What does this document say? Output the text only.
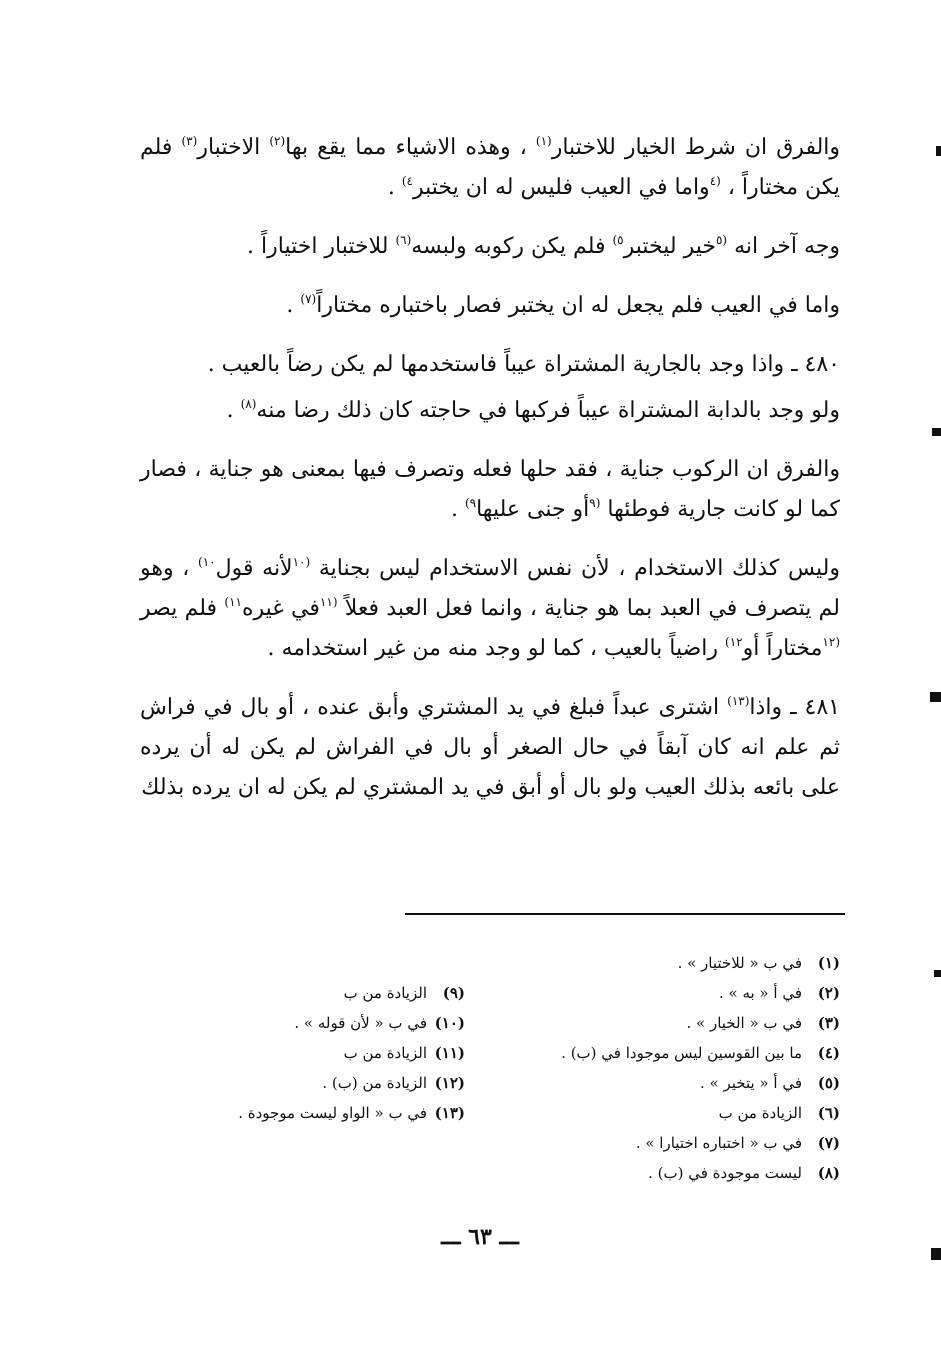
والفرق ان شرط الخيار للاختبار$^{(١)}$ ، وهذه الاشياء مما يقع بها$^{(٢)}$ الاختبار$^{(٣)}$ فلم يكن مختاراً ، $^{(٤}$واما في العيب فليس له ان يختبر$^{٤)}$ .

وجه آخر انه $^{(٥}$خير ليختبر$^{٥)}$ فلم يكن ركوبه ولبسه$^{(٦)}$ للاختبار اختياراً .

واما في العيب فلم يجعل له ان يختبر فصار باختباره مختاراً$^{(٧)}$ .

٤٨٠ ـ واذا وجد بالجارية المشتراة عيباً فاستخدمها لم يكن رضاً بالعيب .

ولو وجد بالدابة المشتراة عيباً فركبها في حاجته كان ذلك رضا منه$^{(٨)}$ .

والفرق ان الركوب جناية ، فقد حلها فعله وتصرف فيها بمعنى هو جناية ، فصار كما لو كانت جارية فوطئها $^{(٩}$أو جنى عليها$^{٩)}$ .

وليس كذلك الاستخدام ، لأن نفس الاستخدام ليس بجناية $^{(١٠}$لأنه قول$^{١٠)}$ ، وهو لم يتصرف في العبد بما هو جناية ، وانما فعل العبد فعلاً $^{(١١}$في غيره$^{١١)}$ فلم يصر $^{(١٢}$مختاراً أو$^{١٢)}$ راضياً بالعيب ، كما لو وجد منه من غير استخدامه .

٤٨١ ـ واذا$^{(١٣)}$ اشترى عبداً فبلغ في يد المشتري وأبق عنده ، أو بال في فراش ثم علم انه كان آبقاً في حال الصغر أو بال في الفراش لم يكن له أن يرده على بائعه بذلك العيب ولو بال أو أبق في يد المشتري لم يكن له ان يرده بذلك

(١)في ب « للاختيار » .
(٢)في أ « به » .
(٣)في ب « الخيار » .
(٤)ما بين القوسين ليس موجودا في (ب) .
(٥)في أ « يتخير » .
(٦)الزيادة من ب
(٧)في ب « اختباره اختيارا » .
(٨)ليست موجودة في (ب) .
(٩)الزيادة من ب
(١٠)في ب « لأن قوله » .
(١١)الزيادة من ب
(١٢)الزيادة من (ب) .
(١٣)في ب « الواو ليست موجودة .
ـــ ٦٣ ـــ
